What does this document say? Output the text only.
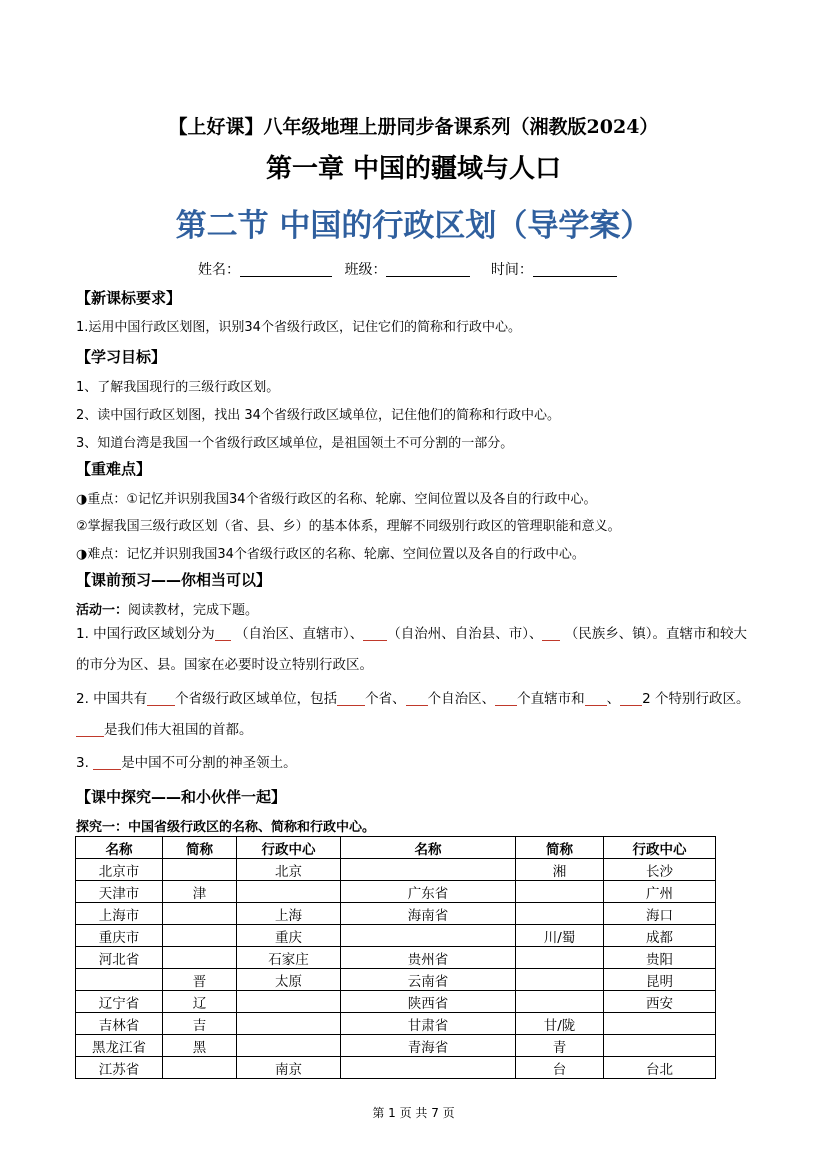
【上好课】八年级地理上册同步备课系列（湘教版2024）
第一章 中国的疆域与人口
第二节 中国的行政区划（导学案）
姓名：	班级：	时间：
【新课标要求】
1.运用中国行政区划图，识别34个省级行政区，记住它们的简称和行政中心。
【学习目标】
1、了解我国现行的三级行政区划。
2、读中国行政区划图，找出 34个省级行政区域单位，记住他们的简称和行政中心。
3、知道台湾是我国一个省级行政区域单位，是祖国领土不可分割的一部分。
【重难点】
◑重点：①记忆并识别我国34个省级行政区的名称、轮廓、空间位置以及各自的行政中心。
②掌握我国三级行政区划（省、县、乡）的基本体系，理解不同级别行政区的管理职能和意义。
◑难点：记忆并识别我国34个省级行政区的名称、轮廓、空间位置以及各自的行政中心。
【课前预习——你相当可以】
活动一：阅读教材，完成下题。
1. 中国行政区域划分为 （自治区、直辖市）、 （自治州、自治县、市）、 （民族乡、镇）。直辖市和较大的市分为区、县。国家在必要时设立特别行政区。
2. 中国共有 个省级行政区域单位，包括 个省、 个自治区、 个直辖市和 、 2 个特别行政区。是我们伟大祖国的首都。
3. 是中国不可分割的神圣领土。
【课中探究——和小伙伴一起】
探究一：中国省级行政区的名称、简称和行政中心。
名称	简称	行政中心	名称	简称	行政中心
北京市		北京		湘	长沙
天津市	津		广东省		广州
上海市		上海	海南省		海口
重庆市		重庆		川/蜀	成都
河北省		石家庄	贵州省		贵阳
	晋	太原	云南省		昆明
辽宁省	辽		陕西省		西安
吉林省	吉		甘肃省	甘/陇	
黑龙江省	黑		青海省	青	
江苏省		南京		台	台北
第 1 页 共 7 页
